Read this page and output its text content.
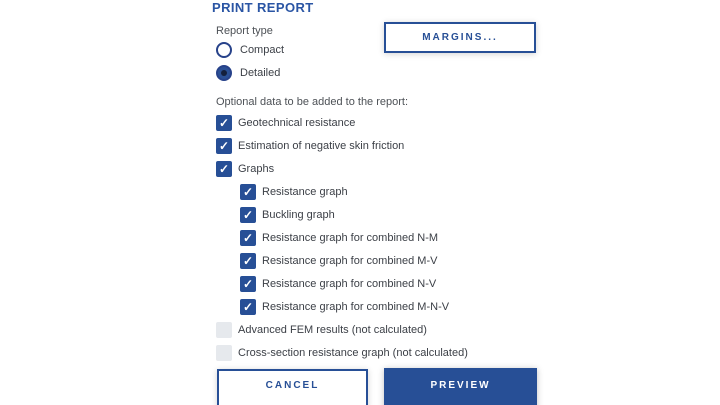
PRINT REPORT
Report type
Compact
Detailed
MARGINS...
Optional data to be added to the report:
✓ Geotechnical resistance
✓ Estimation of negative skin friction
✓ Graphs
✓ Resistance graph
✓ Buckling graph
✓ Resistance graph for combined N-M
✓ Resistance graph for combined M-V
✓ Resistance graph for combined N-V
✓ Resistance graph for combined M-N-V
Advanced FEM results (not calculated)
Cross-section resistance graph (not calculated)
CANCEL	PREVIEW
